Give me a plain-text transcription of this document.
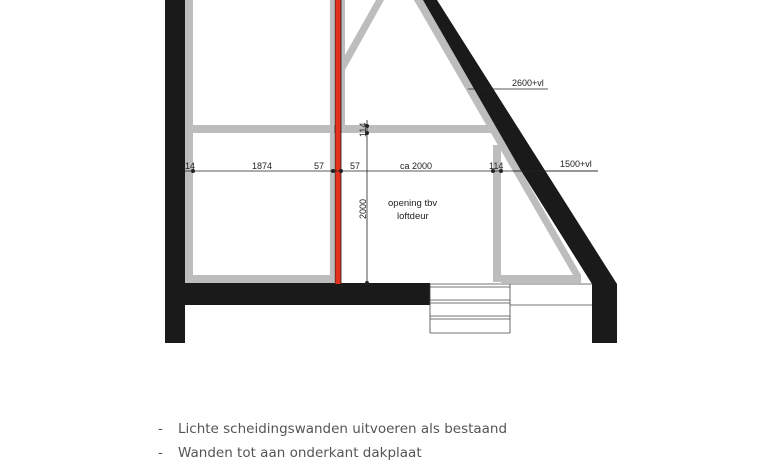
2600+vl
1500+vl
14	1874	57	57	ca 2000	114
114
2000 opening tbv
loftdeur
- Lichte scheidingswanden uitvoeren als bestaand
- Wanden tot aan onderkant dakplaat
